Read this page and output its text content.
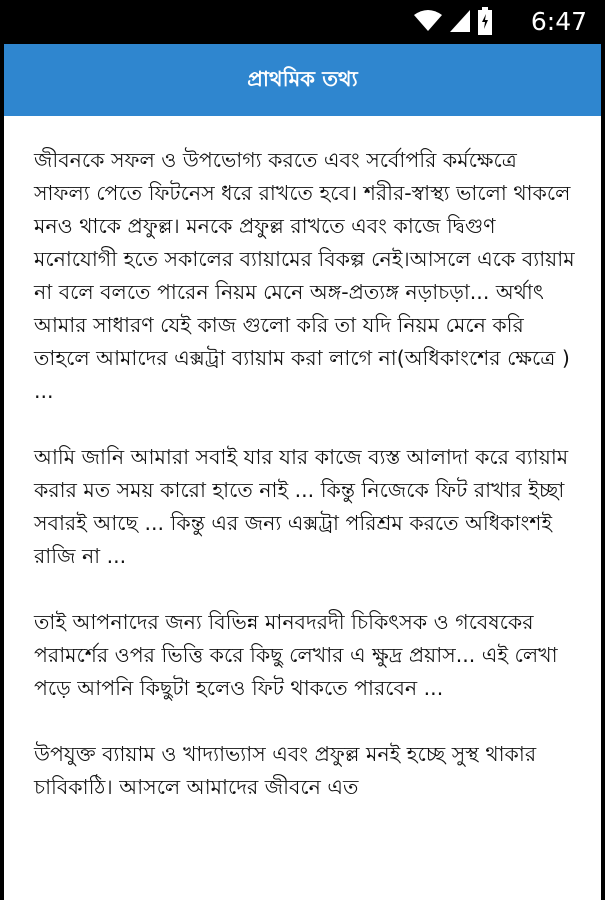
6:47
প্রাথমিক তথ্য

জীবনকে সফল ও উপভোগ্য করতে এবং সর্বোপরি কর্মক্ষেত্রে সাফল্য পেতে ফিটনেস ধরে রাখতে হবে। শরীর-স্বাস্থ্য ভালো থাকলে মনও থাকে প্রফুল্ল। মনকে প্রফুল্ল রাখতে এবং কাজে দ্বিগুণ মনোযোগী হতে সকালের ব্যায়ামের বিকল্প নেই।আসলে একে ব্যায়াম না বলে বলতে পারেন নিয়ম মেনে অঙ্গ-প্রত্যঙ্গ নড়াচড়া... অর্থাৎ আমার সাধারণ যেই কাজ গুলো করি তা যদি নিয়ম মেনে করি তাহলে আমাদের এক্সট্রা ব্যায়াম করা লাগে না(অধিকাংশের ক্ষেত্রে ) ...

আমি জানি আমারা সবাই যার যার কাজে ব্যস্ত আলাদা করে ব্যায়াম করার মত সময় কারো হাতে নাই ... কিন্তু নিজেকে ফিট রাখার ইচ্ছা সবারই আছে ... কিন্তু এর জন্য এক্সট্রা পরিশ্রম করতে অধিকাংশই রাজি না ...

তাই আপনাদের জন্য বিভিন্ন মানবদরদী চিকিৎসক ও গবেষকের পরামর্শের ওপর ভিত্তি করে কিছু লেখার এ ক্ষুদ্র প্রয়াস... এই লেখা পড়ে আপনি কিছুটা হলেও ফিট থাকতে পারবেন ...

উপযুক্ত ব্যায়াম ও খাদ্যাভ্যাস এবং প্রফুল্ল মনই হচ্ছে সুস্থ থাকার চাবিকাঠি। আসলে আমাদের জীবনে এত
